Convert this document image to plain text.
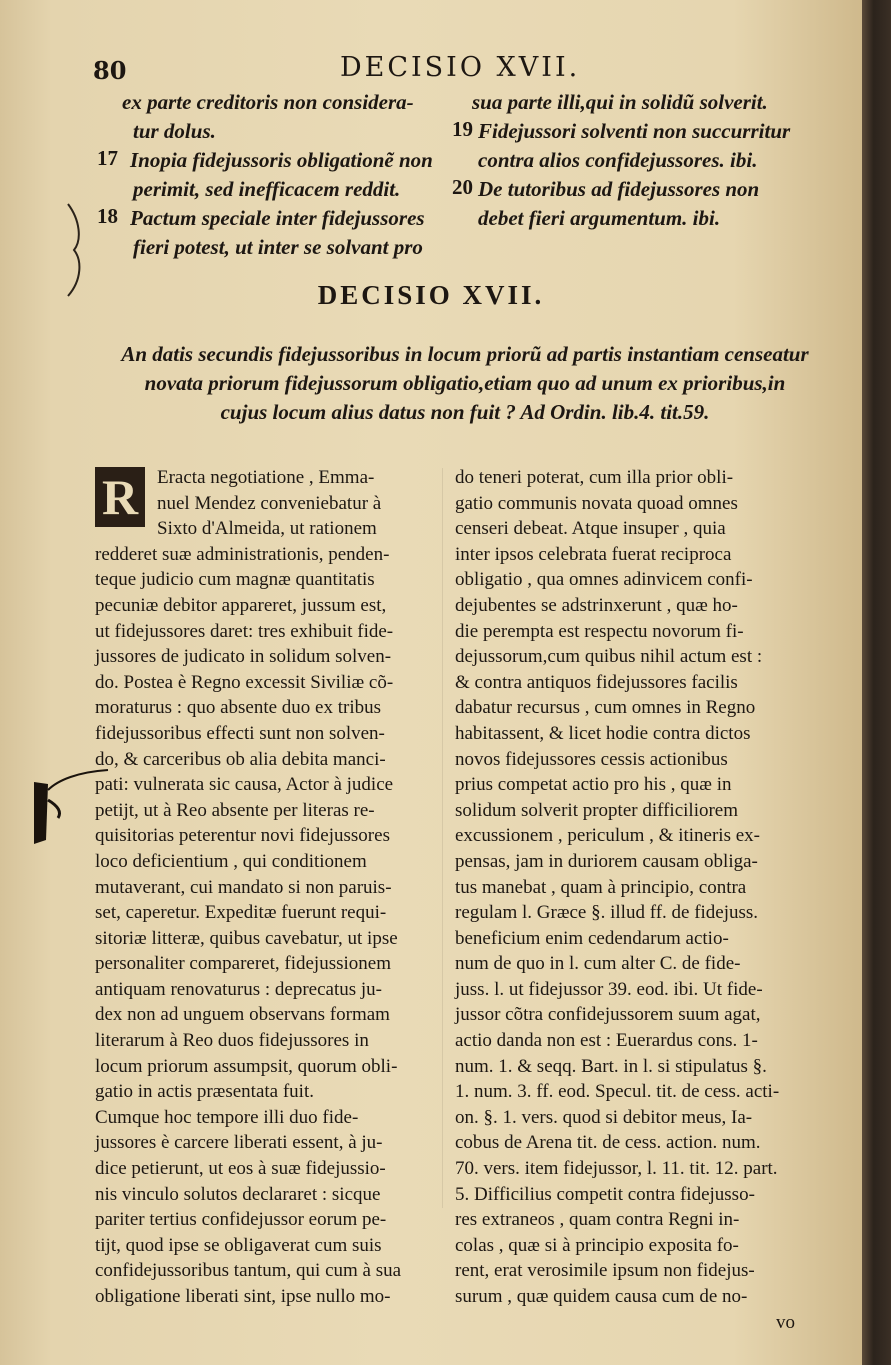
80	DECISIO XVII.
ex parte creditoris non considera-
tur dolus.
17 Inopia fidejussoris obligationẽ non
perimit, sed inefficacem reddit.
18 Pactum speciale inter fidejussores
fieri potest, ut inter se solvant pro
sua parte illi,qui in solidũ solverit.
19 Fidejussori solventi non succurritur
contra alios confidejussores. ibi.
20 De tutoribus ad fidejussores non
debet fieri argumentum. ibi.
DECISIO XVII.
An datis secundis fidejussoribus in locum priorũ ad partis instantiam censeatur
novata priorum fidejussorum obligatio,etiam quo ad unum ex prioribus,in
cujus locum alius datus non fuit ? Ad Ordin. lib.4. tit.59.
R Eracta negotiatione , Emma-
nuel Mendez conveniebatur à
Sixto d'Almeida, ut rationem
redderet suæ administrationis, penden-
teque judicio cum magnæ quantitatis
pecuniæ debitor appareret, jussum est,
ut fidejussores daret: tres exhibuit fide-
jussores de judicato in solidum solven-
do. Postea è Regno excessit Siviliæ cõ-
moraturus : quo absente duo ex tribus
fidejussoribus effecti sunt non solven-
do, & carceribus ob alia debita manci-
pati: vulnerata sic causa, Actor à judice
petijt, ut à Reo absente per literas re-
quisitorias peterentur novi fidejussores
loco deficientium , qui conditionem
mutaverant, cui mandato si non paruis-
set, caperetur. Expeditæ fuerunt requi-
sitoriæ litteræ, quibus cavebatur, ut ipse
personaliter compareret, fidejussionem
antiquam renovaturus : deprecatus ju-
dex non ad unguem observans formam
literarum à Reo duos fidejussores in
locum priorum assumpsit, quorum obli-
gatio in actis præsentata fuit.
Cumque hoc tempore illi duo fide-
jussores è carcere liberati essent, à ju-
dice petierunt, ut eos à suæ fidejussio-
nis vinculo solutos declararet : sicque
pariter tertius confidejussor eorum pe-
tijt, quod ipse se obligaverat cum suis
confidejussoribus tantum, qui cum à sua
obligatione liberati sint, ipse nullo mo-
do teneri poterat, cum illa prior obli-
gatio communis novata quoad omnes
censeri debeat. Atque insuper , quia
inter ipsos celebrata fuerat reciproca
obligatio , qua omnes adinvicem confi-
dejubentes se adstrinxerunt , quæ ho-
die perempta est respectu novorum fi-
dejussorum,cum quibus nihil actum est :
& contra antiquos fidejussores facilis
dabatur recursus , cum omnes in Regno
habitassent, & licet hodie contra dictos
novos fidejussores cessis actionibus
prius competat actio pro his , quæ in
solidum solverit propter difficiliorem
excussionem , periculum , & itineris ex-
pensas, jam in duriorem causam obliga-
tus manebat , quam à principio, contra
regulam l. Græce §. illud ff. de fidejuss.
beneficium enim cedendarum actio-
num de quo in l. cum alter C. de fide-
juss. l. ut fidejussor 39. eod. ibi. Ut fide-
jussor cõtra confidejussorem suum agat,
actio danda non est : Euerardus cons. 1-
num. 1. & seqq. Bart. in l. si stipulatus §.
1. num. 3. ff. eod. Specul. tit. de cess. acti-
on. §. 1. vers. quod si debitor meus, Ia-
cobus de Arena tit. de cess. action. num.
70. vers. item fidejussor, l. 11. tit. 12. part.
5. Difficilius competit contra fidejusso-
res extraneos , quam contra Regni in-
colas , quæ si à principio exposita fo-
rent, erat verosimile ipsum non fidejus-
surum , quæ quidem causa cum de no-
vo
